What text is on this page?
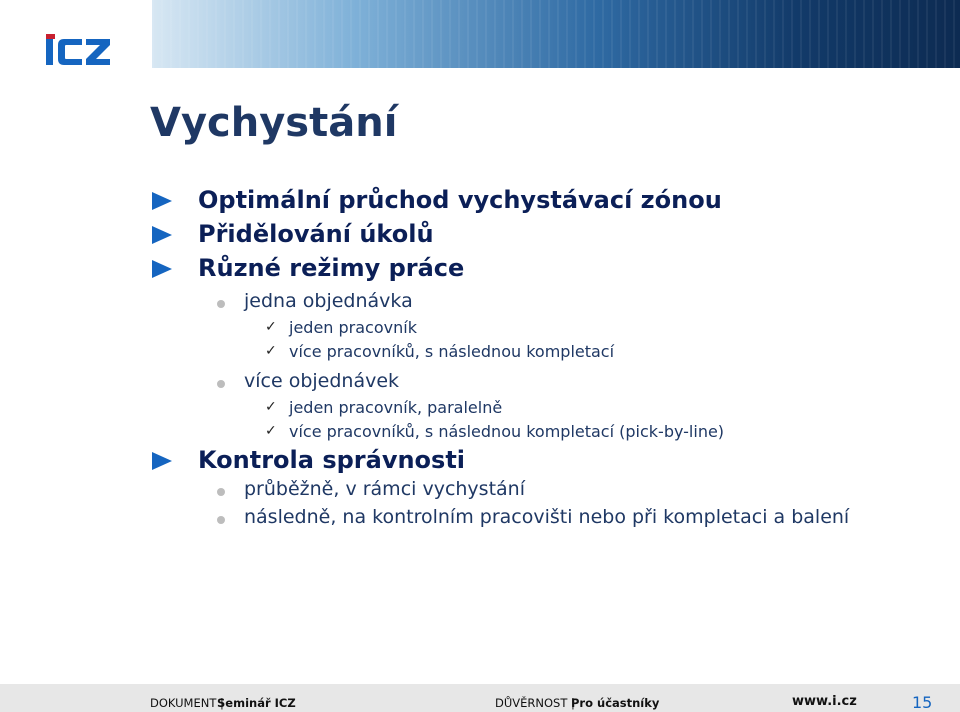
Vychystání
Optimální průchod vychystávací zónou
Přidělování úkolů
Různé režimy práce
jedna objednávka
✓ jeden pracovník
✓ více pracovníků, s následnou kompletací
více objednávek
✓ jeden pracovník, paralelně
✓ více pracovníků, s následnou kompletací (pick-by-line)
Kontrola správnosti
průběžně, v rámci vychystání
následně, na kontrolním pracovišti nebo při kompletaci a balení
DOKUMENT |
Seminář ICZ	DŮVĚRNOST |
Pro účastníky	www.i.cz	15
